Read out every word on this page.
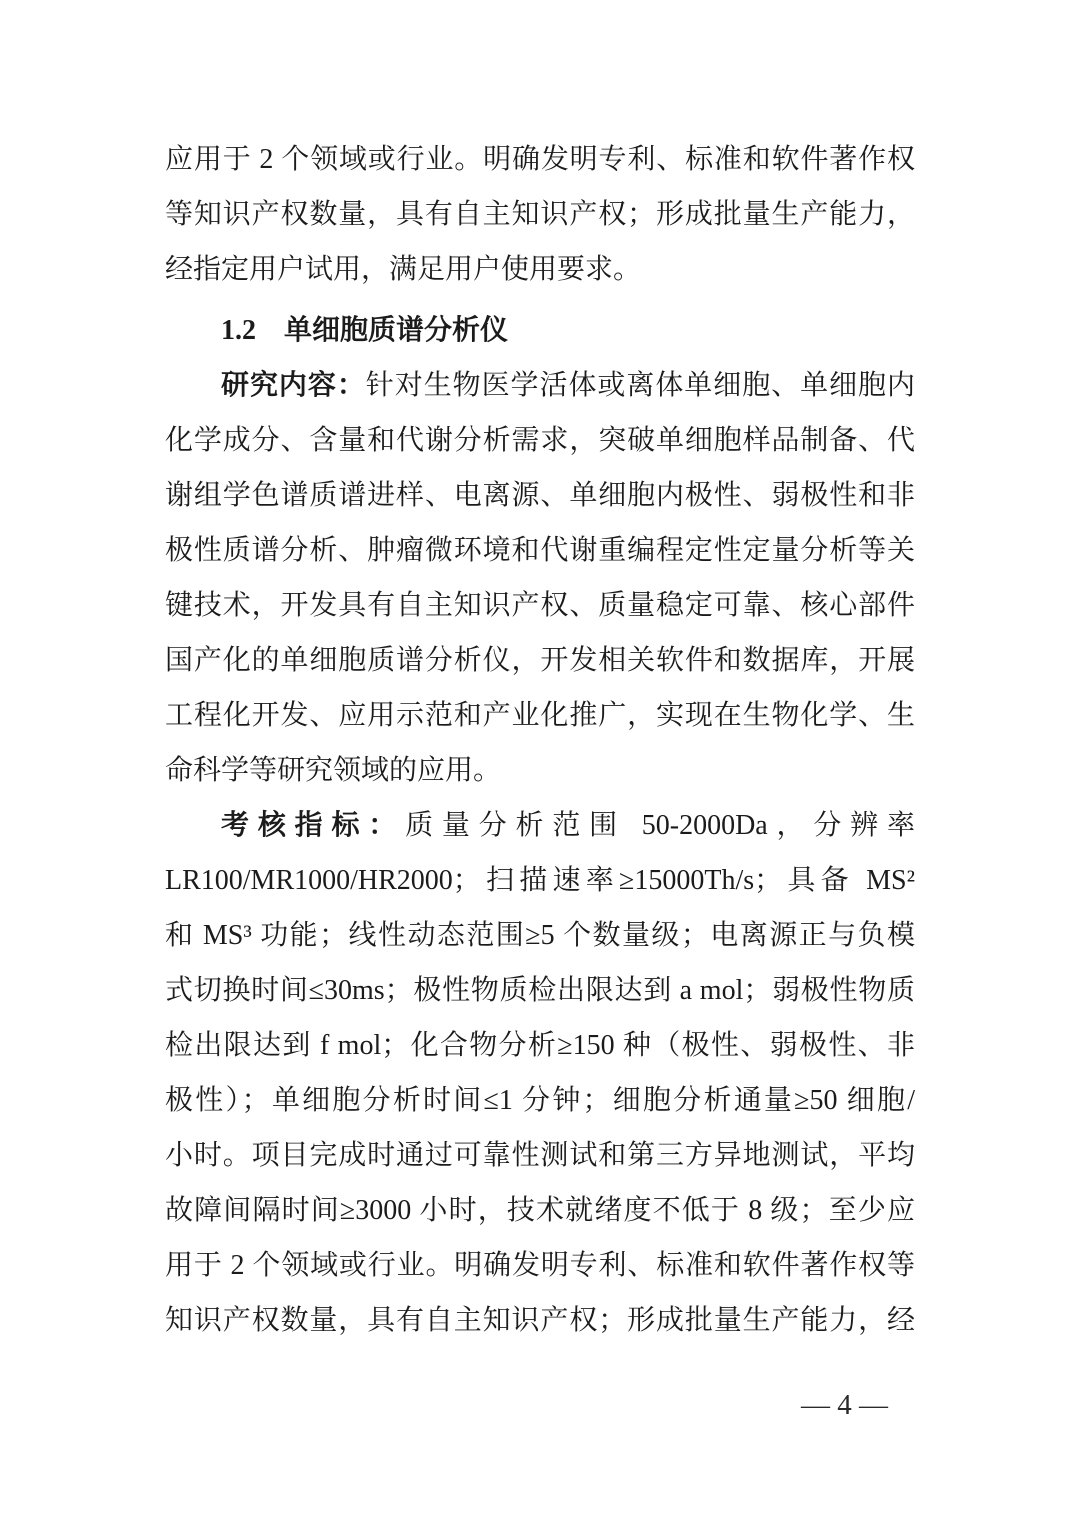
应用于 2 个领域或行业。明确发明专利、标准和软件著作权
等知识产权数量，具有自主知识产权；形成批量生产能力，
经指定用户试用，满足用户使用要求。
1.2 单细胞质谱分析仪
研究内容：针对生物医学活体或离体单细胞、单细胞内
化学成分、含量和代谢分析需求，突破单细胞样品制备、代
谢组学色谱质谱进样、电离源、单细胞内极性、弱极性和非
极性质谱分析、肿瘤微环境和代谢重编程定性定量分析等关
键技术，开发具有自主知识产权、质量稳定可靠、核心部件
国产化的单细胞质谱分析仪，开发相关软件和数据库，开展
工程化开发、应用示范和产业化推广，实现在生物化学、生
命科学等研究领域的应用。
考核指标：质量分析范围 50-2000Da，分辨率
LR100/MR1000/HR2000；扫描速率≥15000Th/s；具备 MS²
和 MS³ 功能；线性动态范围≥5 个数量级；电离源正与负模
式切换时间≤30ms；极性物质检出限达到 a mol；弱极性物质
检出限达到 f mol；化合物分析≥150 种（极性、弱极性、非
极性）；单细胞分析时间≤1 分钟；细胞分析通量≥50 细胞/
小时。项目完成时通过可靠性测试和第三方异地测试，平均
故障间隔时间≥3000 小时，技术就绪度不低于 8 级；至少应
用于 2 个领域或行业。明确发明专利、标准和软件著作权等
知识产权数量，具有自主知识产权；形成批量生产能力，经
— 4 —
